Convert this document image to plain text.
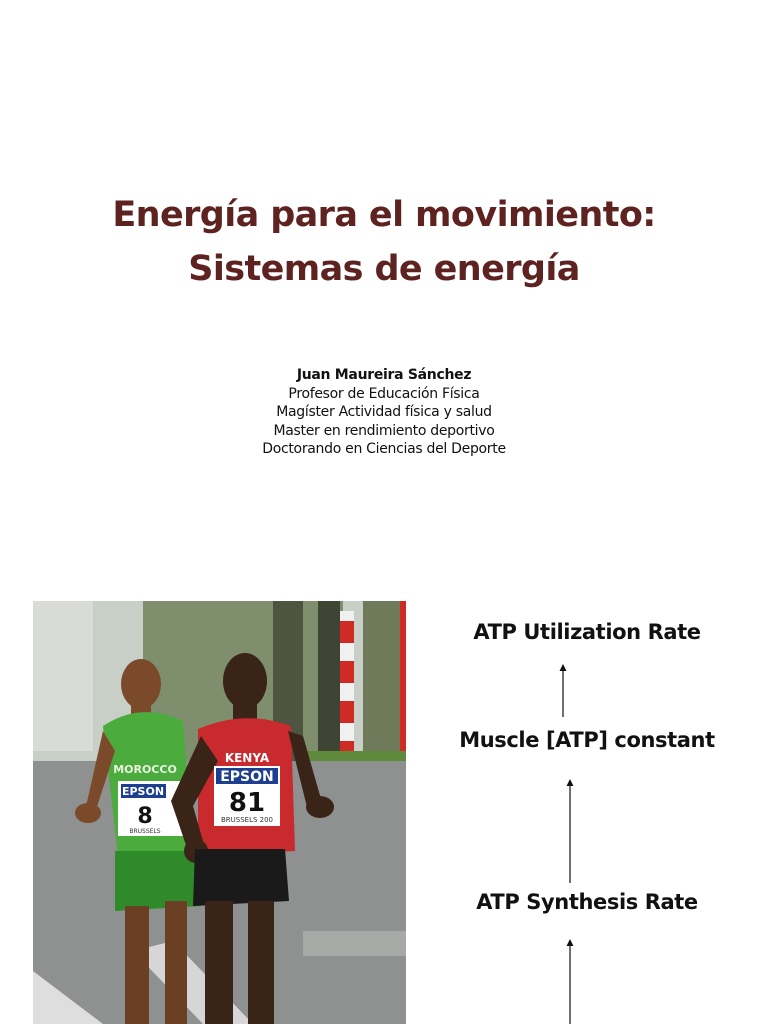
Energía para el movimiento:
Sistemas de energía
Juan Maureira Sánchez
Profesor de Educación Física
Magíster Actividad física y salud
Master en rendimiento deportivo
Doctorando en Ciencias del Deporte
MOROCCO
EPSON
8
BRUSSELS
KENYA
EPSON
81
BRUSSELS 200
ATP Utilization Rate
Muscle [ATP] constant
ATP Synthesis Rate
